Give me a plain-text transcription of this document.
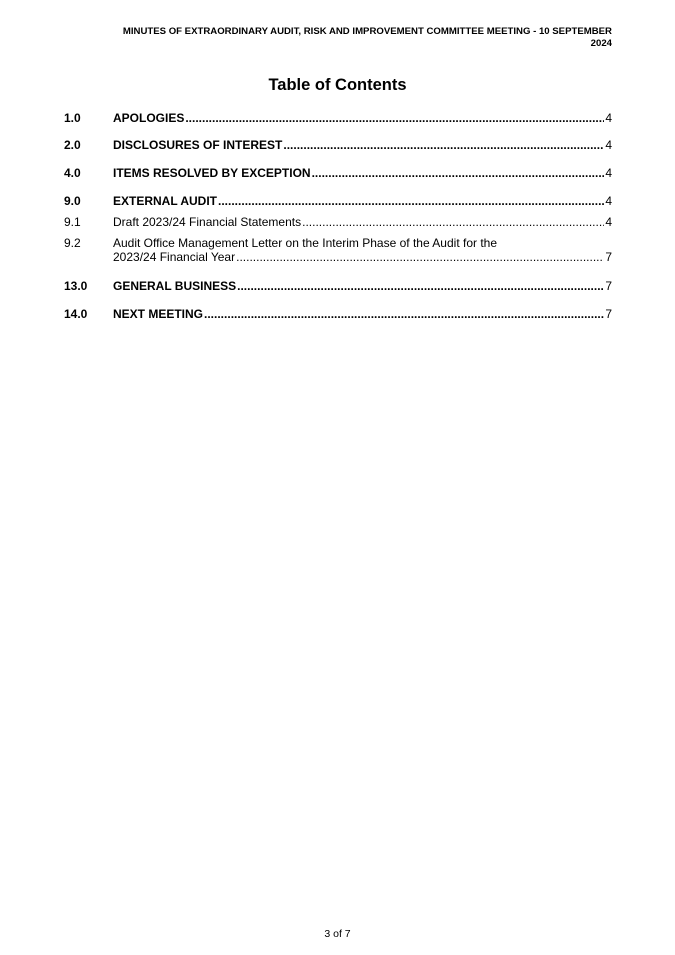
MINUTES OF EXTRAORDINARY AUDIT, RISK AND IMPROVEMENT COMMITTEE MEETING - 10 SEPTEMBER
2024
Table of Contents
1.0	APOLOGIES .....	4
2.0	DISCLOSURES OF INTEREST .....	4
4.0	ITEMS RESOLVED BY EXCEPTION .....	4
9.0	EXTERNAL AUDIT .....	4
9.1	Draft 2023/24 Financial Statements .....	4
9.2	Audit Office Management Letter on the Interim Phase of the Audit for the
2023/24 Financial Year .....	7
13.0	GENERAL BUSINESS .....	7
14.0	NEXT MEETING .....	7
3 of 7
